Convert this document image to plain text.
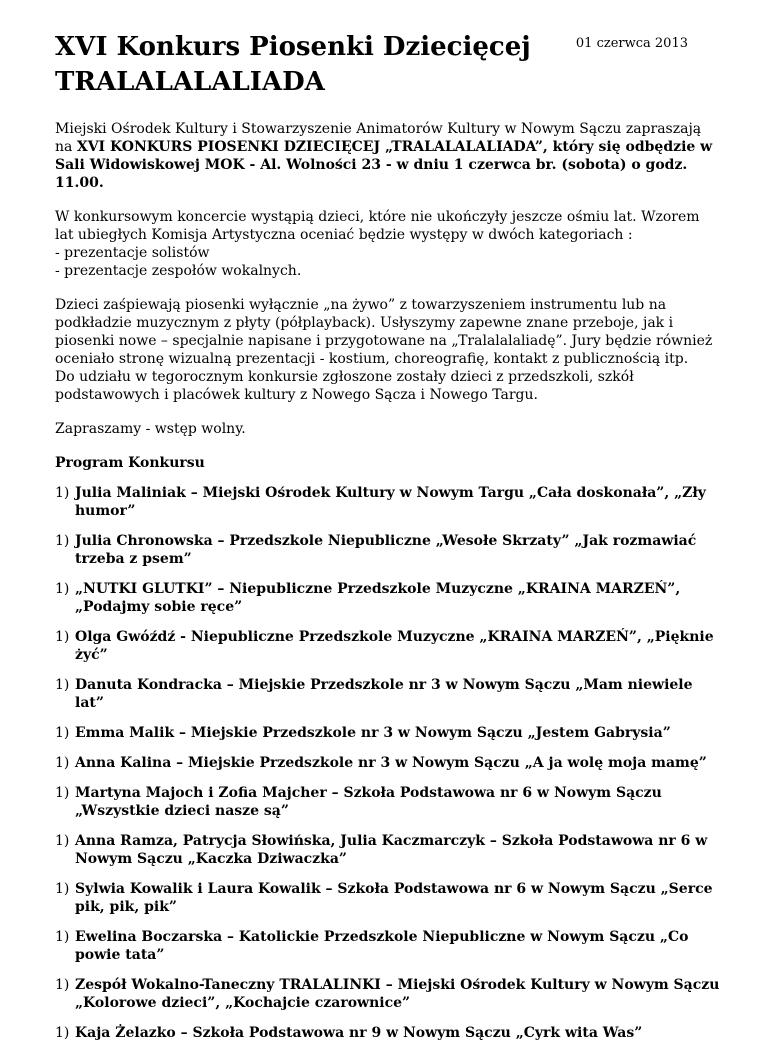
XVI Konkurs Piosenki Dziecięcej
TRALALALALIADA
01 czerwca 2013

Miejski Ośrodek Kultury i Stowarzyszenie Animatorów Kultury w Nowym Sączu zapraszają na XVI KONKURS PIOSENKI DZIECIĘCEJ „TRALALALALIADA”, który się odbędzie w Sali Widowiskowej MOK - Al. Wolności 23 - w dniu 1 czerwca br. (sobota) o godz. 11.00.

W konkursowym koncercie wystąpią dzieci, które nie ukończyły jeszcze ośmiu lat. Wzorem lat ubiegłych Komisja Artystyczna oceniać będzie występy w dwóch kategoriach :
- prezentacje solistów
- prezentacje zespołów wokalnych.

Dzieci zaśpiewają piosenki wyłącznie „na żywo” z towarzyszeniem instrumentu lub na podkładzie muzycznym z płyty (półplayback). Usłyszymy zapewne znane przeboje, jak i piosenki nowe – specjalnie napisane i przygotowane na „Tralalalaliadę”. Jury będzie również oceniało stronę wizualną prezentacji - kostium, choreografię, kontakt z publicznością itp.
Do udziału w tegorocznym konkursie zgłoszone zostały dzieci z przedszkoli, szkół podstawowych i placówek kultury z Nowego Sącza i Nowego Targu.

Zapraszamy - wstęp wolny.

Program Konkursu
1) Julia Maliniak – Miejski Ośrodek Kultury w Nowym Targu „Cała doskonała”, „Zły humor”
1) Julia Chronowska – Przedszkole Niepubliczne „Wesołe Skrzaty” „Jak rozmawiać trzeba z psem”
1) „NUTKI GLUTKI” – Niepubliczne Przedszkole Muzyczne „KRAINA MARZEŃ”, „Podajmy sobie ręce”
1) Olga Gwóźdź - Niepubliczne Przedszkole Muzyczne „KRAINA MARZEŃ”, „Pięknie żyć”
1) Danuta Kondracka – Miejskie Przedszkole nr 3 w Nowym Sączu „Mam niewiele lat”
1) Emma Malik – Miejskie Przedszkole nr 3 w Nowym Sączu „Jestem Gabrysia”
1) Anna Kalina – Miejskie Przedszkole nr 3 w Nowym Sączu „A ja wolę moja mamę”
1) Martyna Majoch i Zofia Majcher – Szkoła Podstawowa nr 6 w Nowym Sączu „Wszystkie dzieci nasze są”
1) Anna Ramza, Patrycja Słowińska, Julia Kaczmarczyk – Szkoła Podstawowa nr 6 w Nowym Sączu „Kaczka Dziwaczka”
1) Sylwia Kowalik i Laura Kowalik – Szkoła Podstawowa nr 6 w Nowym Sączu „Serce pik, pik, pik”
1) Ewelina Boczarska – Katolickie Przedszkole Niepubliczne w Nowym Sączu „Co powie tata”
1) Zespół Wokalno-Taneczny TRALALINKI – Miejski Ośrodek Kultury w Nowym Sączu „Kolorowe dzieci”, „Kochajcie czarownice”
1) Kaja Żelazko – Szkoła Podstawowa nr 9 w Nowym Sączu „Cyrk wita Was”
